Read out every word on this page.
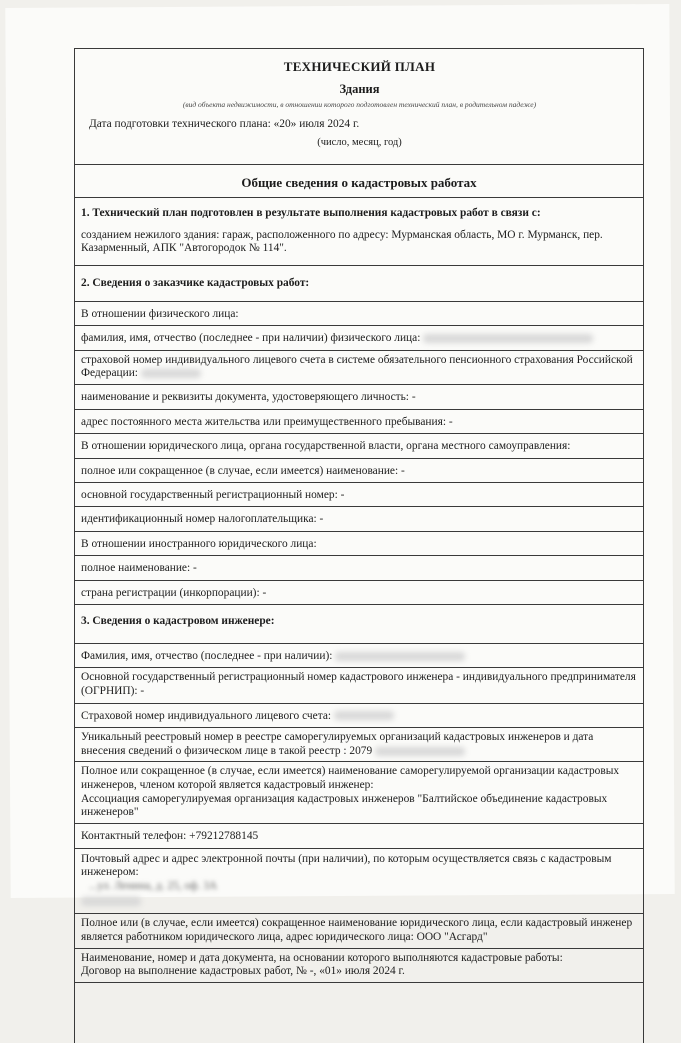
ТЕХНИЧЕСКИЙ ПЛАН
Здания
(вид объекта недвижимости, в отношении которого подготовлен технический план, в родительном падеже)
Дата подготовки технического плана: «20» июля 2024 г.
(число, месяц, год)
Общие сведения о кадастровых работах
1. Технический план подготовлен в результате выполнения кадастровых работ в связи с:
созданием нежилого здания: гараж, расположенного по адресу: Мурманская область, МО г. Мурманск, пер. Казарменный, АПК "Автогородок № 114".
2. Сведения о заказчике кадастровых работ:
В отношении физического лица:
фамилия, имя, отчество (последнее - при наличии) физического лица:
страховой номер индивидуального лицевого счета в системе обязательного пенсионного страхования Российской Федерации:
наименование и реквизиты документа, удостоверяющего личность: -
адрес постоянного места жительства или преимущественного пребывания: -
В отношении юридического лица, органа государственной власти, органа местного самоуправления:
полное или сокращенное (в случае, если имеется) наименование: -
основной государственный регистрационный номер: -
идентификационный номер налогоплательщика: -
В отношении иностранного юридического лица:
полное наименование: -
страна регистрации (инкорпорации): -
3. Сведения о кадастровом инженере:
Фамилия, имя, отчество (последнее - при наличии):
Основной государственный регистрационный номер кадастрового инженера - индивидуального предпринимателя (ОГРНИП): -
Страховой номер индивидуального лицевого счета:
Уникальный реестровый номер в реестре саморегулируемых организаций кадастровых инженеров и дата внесения сведений о физическом лице в такой реестр : 2079
Полное или сокращенное (в случае, если имеется) наименование саморегулируемой организации кадастровых инженеров, членом которой является кадастровый инженер:
Ассоциация саморегулируемая организация кадастровых инженеров "Балтийское объединение кадастровых инженеров"
Контактный телефон: +79212788145
Почтовый адрес и адрес электронной почты (при наличии), по которым осуществляется связь с кадастровым инженером:
...ул. Ленина, д. 25, оф. 3А
Полное или (в случае, если имеется) сокращенное наименование юридического лица, если кадастровый инженер является работником юридического лица, адрес юридического лица: ООО "Асгард"
Наименование, номер и дата документа, на основании которого выполняются кадастровые работы:
Договор на выполнение кадастровых работ, № -, «01» июля 2024 г.
